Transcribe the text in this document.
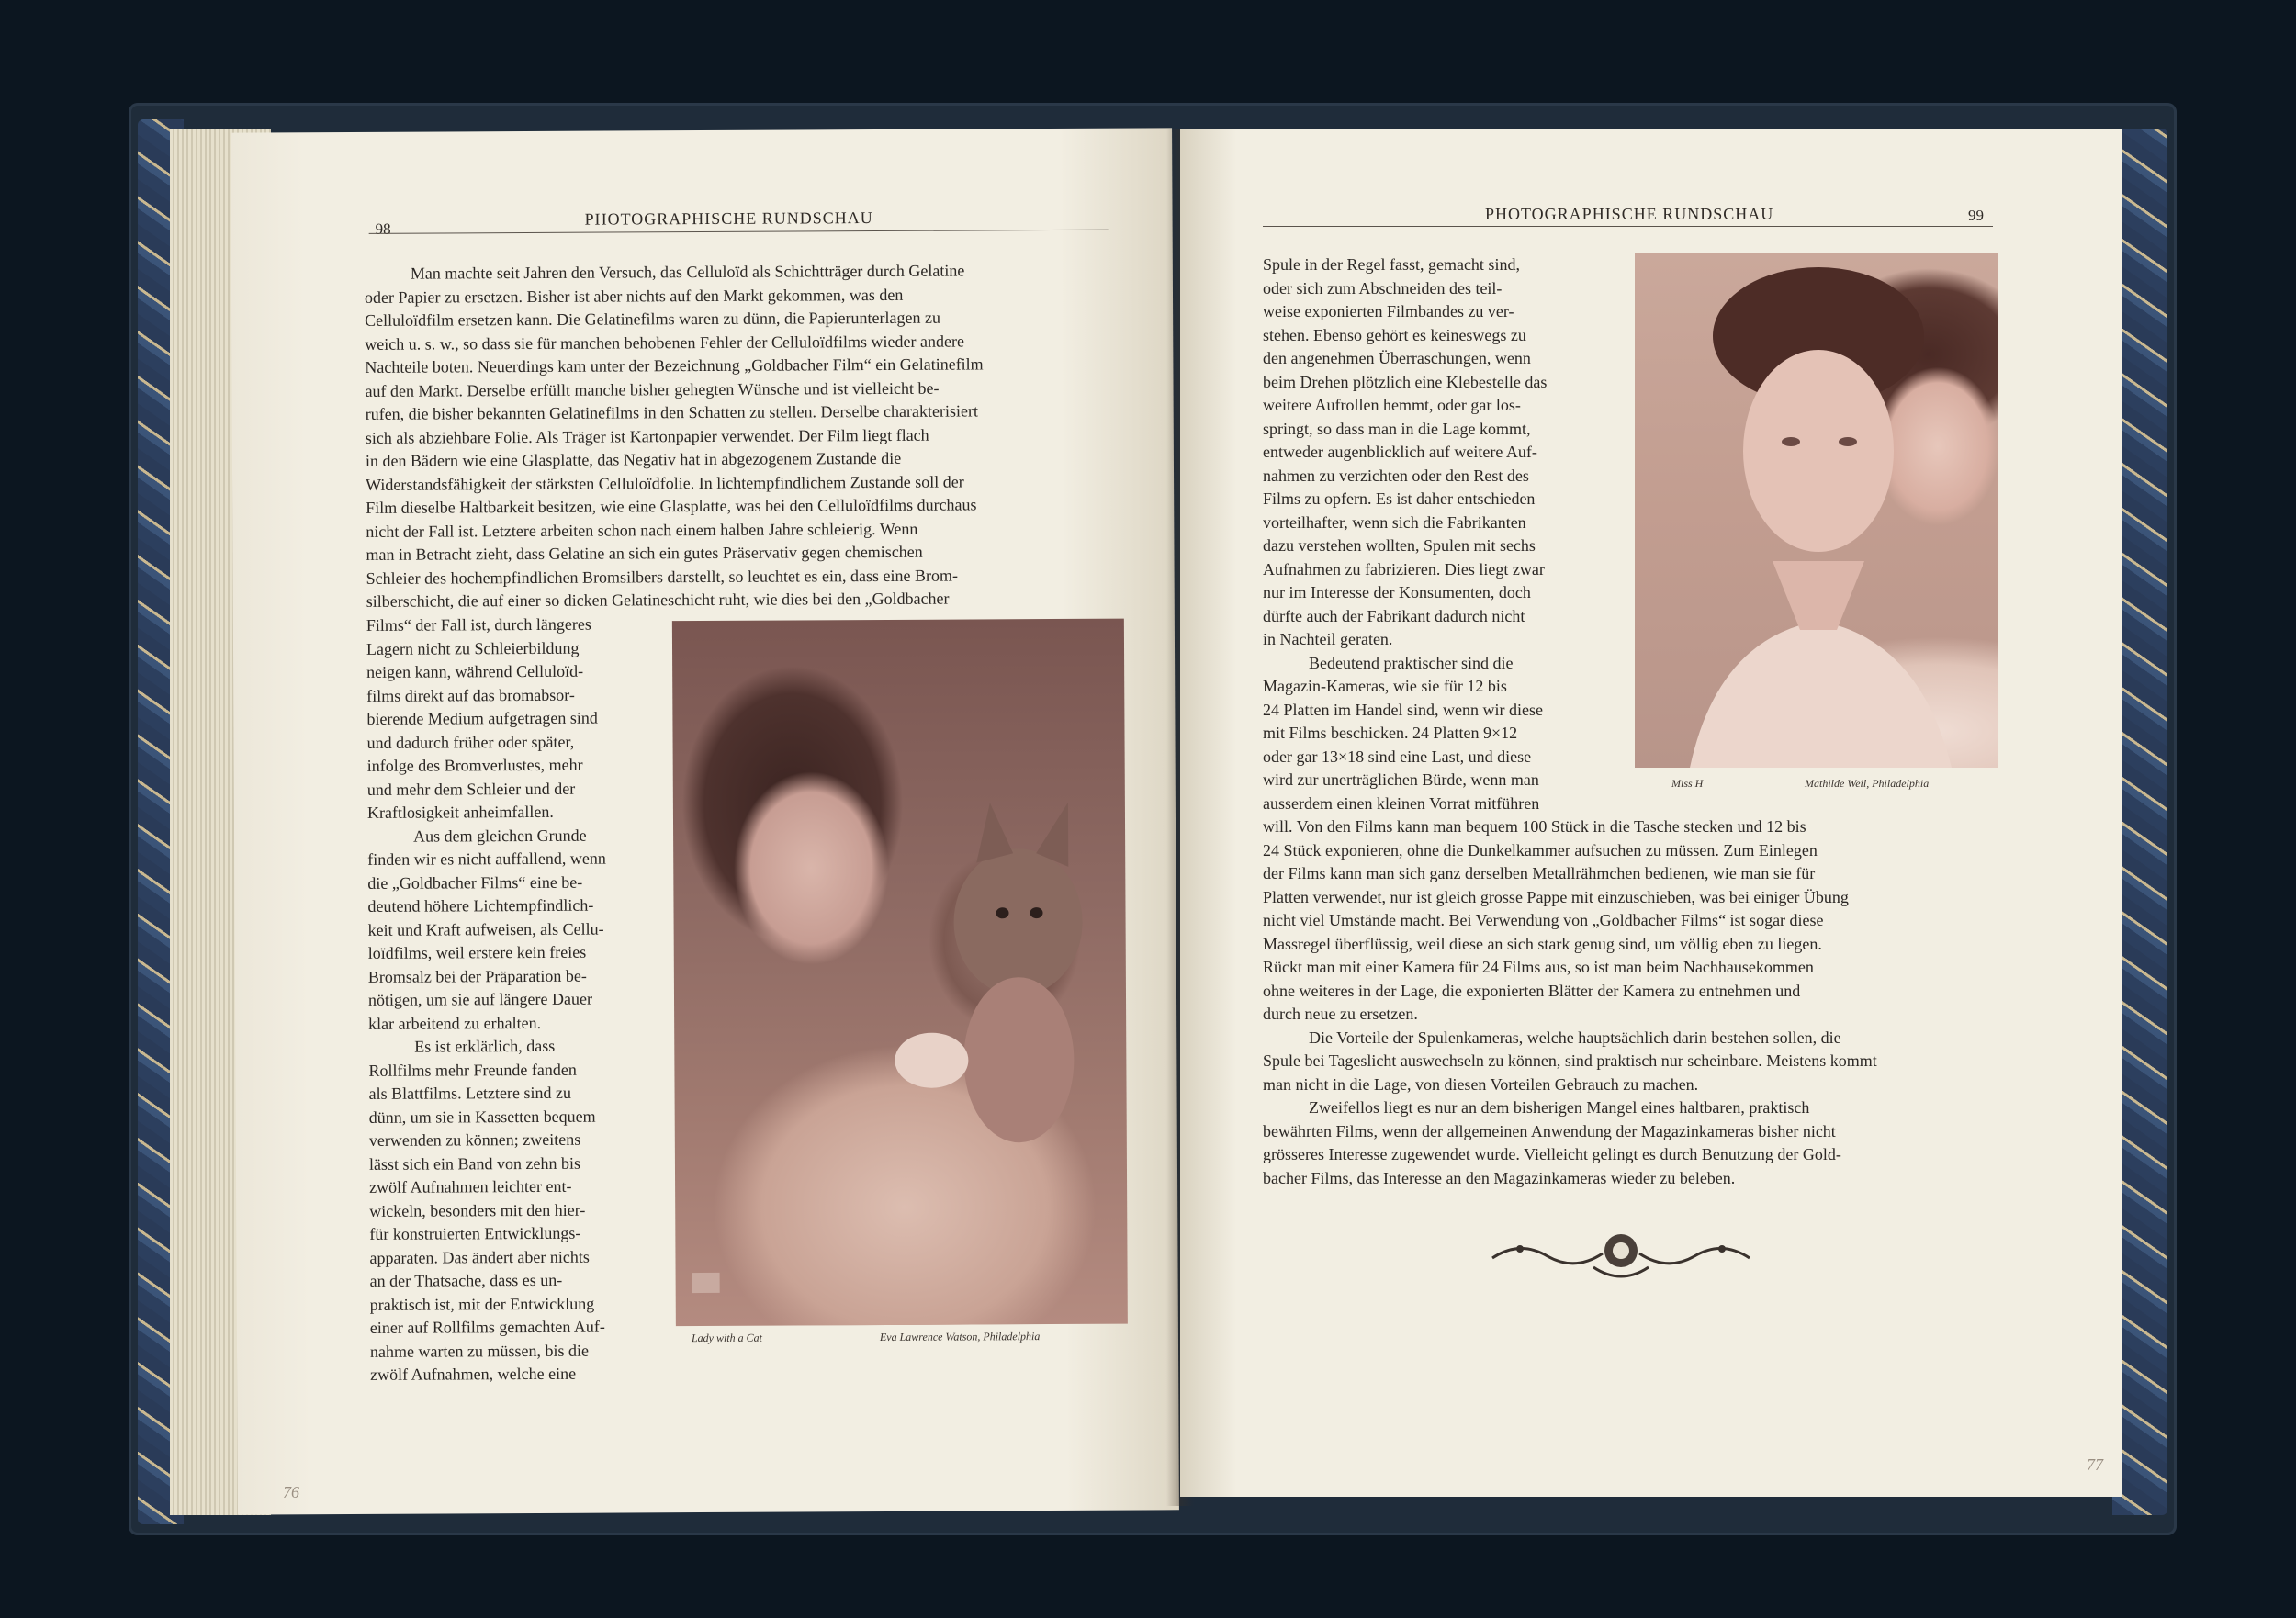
98
PHOTOGRAPHISCHE RUNDSCHAU
Man machte seit Jahren den Versuch, das Celluloïd als Schichtträger durch Gelatine
oder Papier zu ersetzen. Bisher ist aber nichts auf den Markt gekommen, was den
Celluloïdfilm ersetzen kann. Die Gelatinefilms waren zu dünn, die Papierunterlagen zu
weich u. s. w., so dass sie für manchen behobenen Fehler der Celluloïdfilms wieder andere
Nachteile boten. Neuerdings kam unter der Bezeichnung „Goldbacher Film“ ein Gelatinefilm
auf den Markt. Derselbe erfüllt manche bisher gehegten Wünsche und ist vielleicht be-
rufen, die bisher bekannten Gelatinefilms in den Schatten zu stellen. Derselbe charakterisiert
sich als abziehbare Folie. Als Träger ist Kartonpapier verwendet. Der Film liegt flach
in den Bädern wie eine Glasplatte, das Negativ hat in abgezogenem Zustande die
Widerstandsfähigkeit der stärksten Celluloïdfolie. In lichtempfindlichem Zustande soll der
Film dieselbe Haltbarkeit besitzen, wie eine Glasplatte, was bei den Celluloïdfilms durchaus
nicht der Fall ist. Letztere arbeiten schon nach einem halben Jahre schleierig. Wenn
man in Betracht zieht, dass Gelatine an sich ein gutes Präservativ gegen chemischen
Schleier des hochempfindlichen Bromsilbers darstellt, so leuchtet es ein, dass eine Brom-
silberschicht, die auf einer so dicken Gelatineschicht ruht, wie dies bei den „Goldbacher
Films“ der Fall ist, durch längeres
Lagern nicht zu Schleierbildung
neigen kann, während Celluloïd-
films direkt auf das bromabsor-
bierende Medium aufgetragen sind
und dadurch früher oder später,
infolge des Bromverlustes, mehr
und mehr dem Schleier und der
Kraftlosigkeit anheimfallen.
Aus dem gleichen Grunde
finden wir es nicht auffallend, wenn
die „Goldbacher Films“ eine be-
deutend höhere Lichtempfindlich-
keit und Kraft aufweisen, als Cellu-
loïdfilms, weil erstere kein freies
Bromsalz bei der Präparation be-
nötigen, um sie auf längere Dauer
klar arbeitend zu erhalten.
Es ist erklärlich, dass
Rollfilms mehr Freunde fanden
als Blattfilms. Letztere sind zu
dünn, um sie in Kassetten bequem
verwenden zu können; zweitens
lässt sich ein Band von zehn bis
zwölf Aufnahmen leichter ent-
wickeln, besonders mit den hier-
für konstruierten Entwicklungs-
apparaten. Das ändert aber nichts
an der Thatsache, dass es un-
praktisch ist, mit der Entwicklung
einer auf Rollfilms gemachten Auf-
nahme warten zu müssen, bis die
zwölf Aufnahmen, welche eine
Lady with a Cat	Eva Lawrence Watson, Philadelphia
PHOTOGRAPHISCHE RUNDSCHAU	99
Spule in der Regel fasst, gemacht sind,
oder sich zum Abschneiden des teil-
weise exponierten Filmbandes zu ver-
stehen. Ebenso gehört es keineswegs zu
den angenehmen Überraschungen, wenn
beim Drehen plötzlich eine Klebestelle das
weitere Aufrollen hemmt, oder gar los-
springt, so dass man in die Lage kommt,
entweder augenblicklich auf weitere Auf-
nahmen zu verzichten oder den Rest des
Films zu opfern. Es ist daher entschieden
vorteilhafter, wenn sich die Fabrikanten
dazu verstehen wollten, Spulen mit sechs
Aufnahmen zu fabrizieren. Dies liegt zwar
nur im Interesse der Konsumenten, doch
dürfte auch der Fabrikant dadurch nicht
in Nachteil geraten.
Bedeutend praktischer sind die
Magazin-Kameras, wie sie für 12 bis
24 Platten im Handel sind, wenn wir diese
mit Films beschicken. 24 Platten 9×12
oder gar 13×18 sind eine Last, und diese
wird zur unerträglichen Bürde, wenn man
ausserdem einen kleinen Vorrat mitführen
will. Von den Films kann man bequem 100 Stück in die Tasche stecken und 12 bis
24 Stück exponieren, ohne die Dunkelkammer aufsuchen zu müssen. Zum Einlegen
der Films kann man sich ganz derselben Metallrähmchen bedienen, wie man sie für
Platten verwendet, nur ist gleich grosse Pappe mit einzuschieben, was bei einiger Übung
nicht viel Umstände macht. Bei Verwendung von „Goldbacher Films“ ist sogar diese
Massregel überflüssig, weil diese an sich stark genug sind, um völlig eben zu liegen.
Rückt man mit einer Kamera für 24 Films aus, so ist man beim Nachhausekommen
ohne weiteres in der Lage, die exponierten Blätter der Kamera zu entnehmen und
durch neue zu ersetzen.
Die Vorteile der Spulenkameras, welche hauptsächlich darin bestehen sollen, die
Spule bei Tageslicht auswechseln zu können, sind praktisch nur scheinbare. Meistens kommt
man nicht in die Lage, von diesen Vorteilen Gebrauch zu machen.
Zweifellos liegt es nur an dem bisherigen Mangel eines haltbaren, praktisch
bewährten Films, wenn der allgemeinen Anwendung der Magazinkameras bisher nicht
grösseres Interesse zugewendet wurde. Vielleicht gelingt es durch Benutzung der Gold-
bacher Films, das Interesse an den Magazinkameras wieder zu beleben.
Miss H	Mathilde Weil, Philadelphia
76
77
